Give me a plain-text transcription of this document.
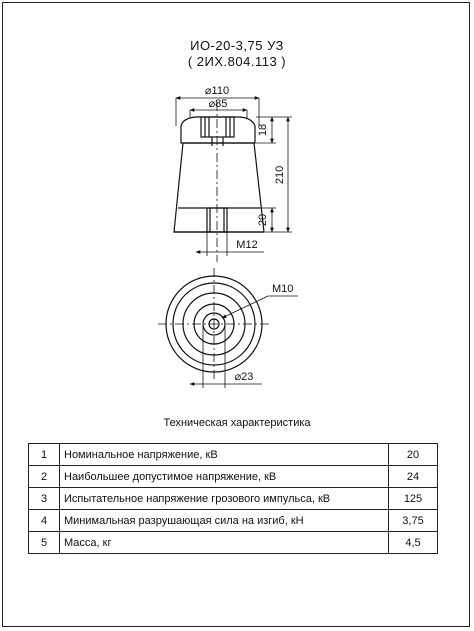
ИО-20-3,75 УЗ
( 2ИХ.804.113 )
⌀110
⌀85
18
210
20
М12
М10
⌀23
Техническая характеристика
1	Номинальное напряжение, кВ	20
2	Наибольшее допустимое напряжение, кВ	24
3	Испытательное напряжение грозового импульса, кВ	125
4	Минимальная разрушающая сила на изгиб, кН	3,75
5	Масса, кг	4,5
